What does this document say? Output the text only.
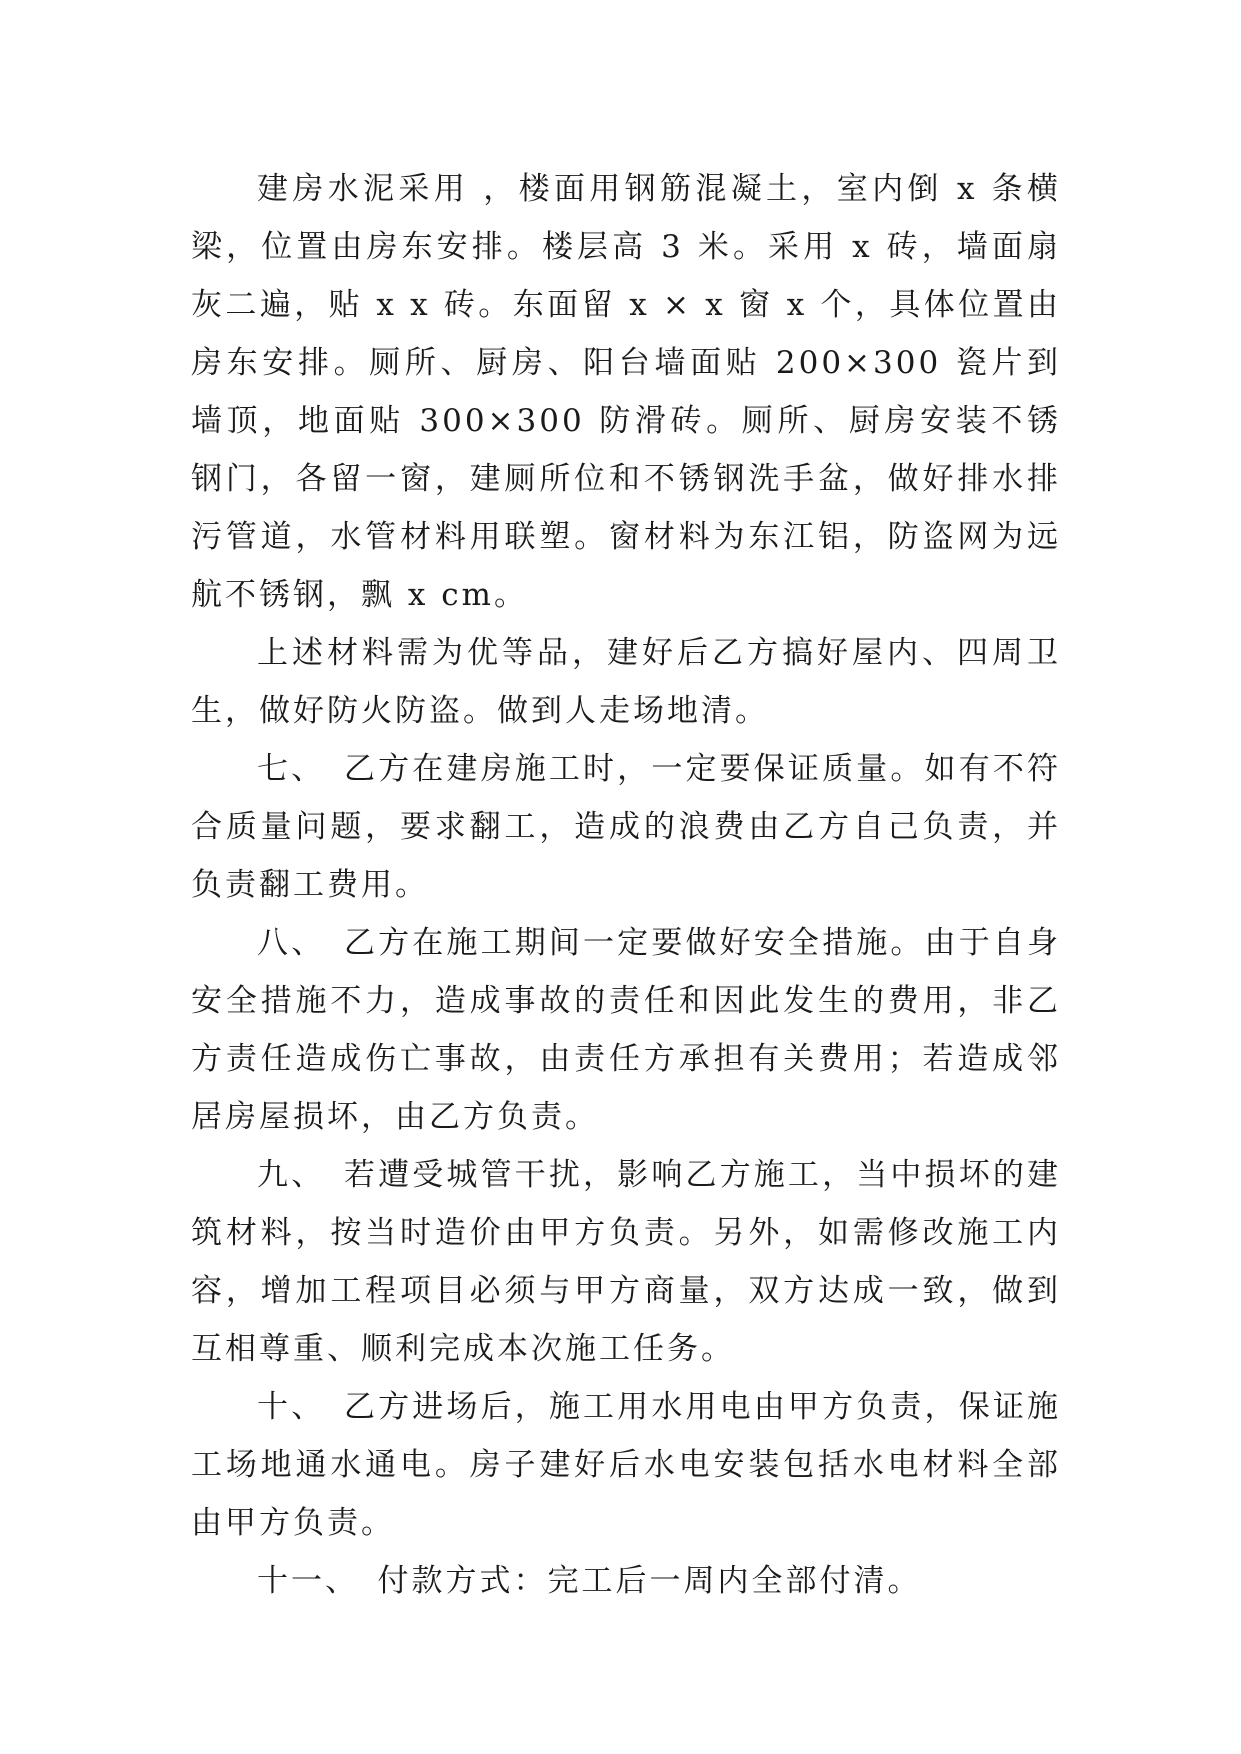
建房水泥采用 ，楼面用钢筋混凝土，室内倒 x 条横梁，位置由房东安排。楼层高 3 米。采用 x 砖，墙面扇灰二遍，贴 x x 砖。东面留 x × x 窗 x 个，具体位置由房东安排。厕所、厨房、阳台墙面贴 200×300 瓷片到墙顶，地面贴 300×300 防滑砖。厕所、厨房安装不锈钢门，各留一窗，建厕所位和不锈钢洗手盆，做好排水排污管道，水管材料用联塑。窗材料为东江铝，防盗网为远航不锈钢，飘 x cm。

上述材料需为优等品，建好后乙方搞好屋内、四周卫生，做好防火防盗。做到人走场地清。

七、　乙方在建房施工时，一定要保证质量。如有不符合质量问题，要求翻工，造成的浪费由乙方自己负责，并负责翻工费用。

八、　乙方在施工期间一定要做好安全措施。由于自身安全措施不力，造成事故的责任和因此发生的费用，非乙方责任造成伤亡事故，由责任方承担有关费用；若造成邻居房屋损坏，由乙方负责。

九、　若遭受城管干扰，影响乙方施工，当中损坏的建筑材料，按当时造价由甲方负责。另外，如需修改施工内容，增加工程项目必须与甲方商量，双方达成一致，做到互相尊重、顺利完成本次施工任务。

十、　乙方进场后，施工用水用电由甲方负责，保证施工场地通水通电。房子建好后水电安装包括水电材料全部由甲方负责。

十一、　付款方式：完工后一周内全部付清。
